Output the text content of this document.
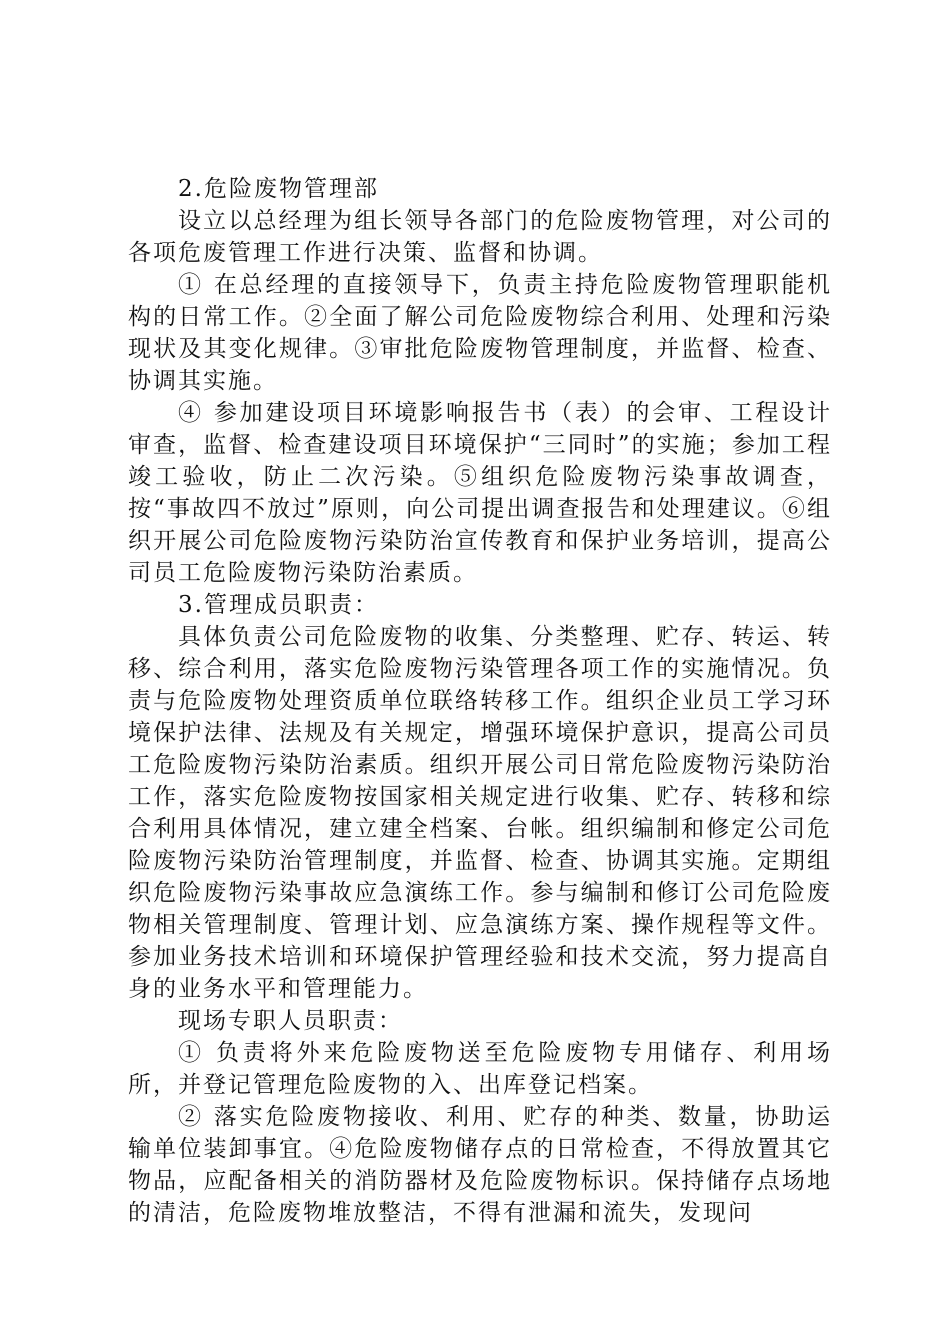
2.危险废物管理部

设立以总经理为组长领导各部门的危险废物管理，对公司的各项危废管理工作进行决策、监督和协调。

① 在总经理的直接领导下，负责主持危险废物管理职能机构的日常工作。②全面了解公司危险废物综合利用、处理和污染现状及其变化规律。③审批危险废物管理制度，并监督、检查、协调其实施。

④ 参加建设项目环境影响报告书（表）的会审、工程设计审查，监督、检查建设项目环境保护“三同时”的实施；参加工程竣工验收，防止二次污染。⑤组织危险废物污染事故调查，按“事故四不放过”原则，向公司提出调查报告和处理建议。⑥组织开展公司危险废物污染防治宣传教育和保护业务培训，提高公司员工危险废物污染防治素质。

3.管理成员职责：

具体负责公司危险废物的收集、分类整理、贮存、转运、转移、综合利用，落实危险废物污染管理各项工作的实施情况。负责与危险废物处理资质单位联络转移工作。组织企业员工学习环境保护法律、法规及有关规定，增强环境保护意识，提高公司员工危险废物污染防治素质。组织开展公司日常危险废物污染防治工作，落实危险废物按国家相关规定进行收集、贮存、转移和综合利用具体情况，建立建全档案、台帐。组织编制和修定公司危险废物污染防治管理制度，并监督、检查、协调其实施。定期组织危险废物污染事故应急演练工作。参与编制和修订公司危险废物相关管理制度、管理计划、应急演练方案、操作规程等文件。参加业务技术培训和环境保护管理经验和技术交流，努力提高自身的业务水平和管理能力。

现场专职人员职责：

① 负责将外来危险废物送至危险废物专用储存、利用场所，并登记管理危险废物的入、出库登记档案。

② 落实危险废物接收、利用、贮存的种类、数量，协助运输单位装卸事宜。④危险废物储存点的日常检查，不得放置其它物品，应配备相关的消防器材及危险废物标识。保持储存点场地的清洁，危险废物堆放整洁，不得有泄漏和流失，发现问
